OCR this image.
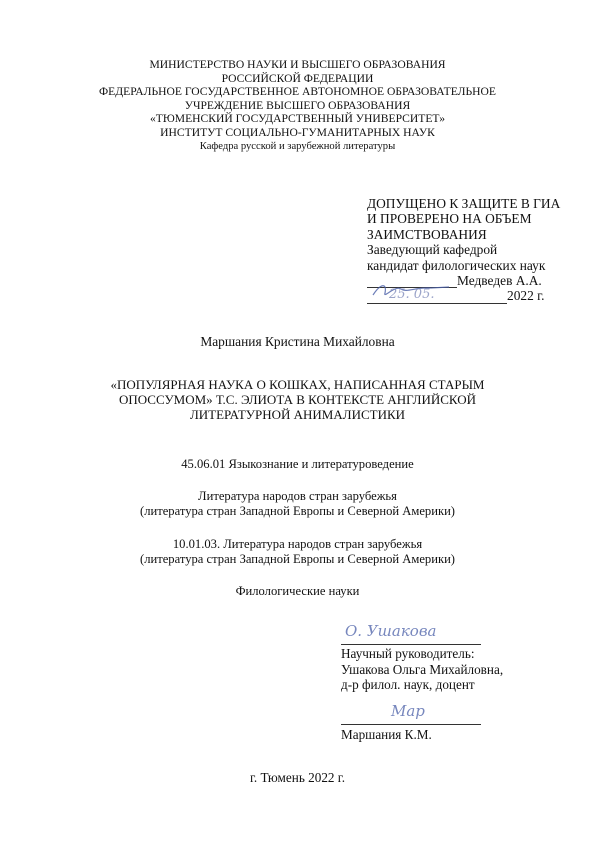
МИНИСТЕРСТВО НАУКИ И ВЫСШЕГО ОБРАЗОВАНИЯ
РОССИЙСКОЙ ФЕДЕРАЦИИ
ФЕДЕРАЛЬНОЕ ГОСУДАРСТВЕННОЕ АВТОНОМНОЕ ОБРАЗОВАТЕЛЬНОЕ
УЧРЕЖДЕНИЕ ВЫСШЕГО ОБРАЗОВАНИЯ
«ТЮМЕНСКИЙ ГОСУДАРСТВЕННЫЙ УНИВЕРСИТЕТ»
ИНСТИТУТ СОЦИАЛЬНО-ГУМАНИТАРНЫХ НАУК
Кафедра русской и зарубежной литературы
ДОПУЩЕНО К ЗАЩИТЕ В ГИА
И ПРОВЕРЕНО НА ОБЪЕМ
ЗАИМСТВОВАНИЯ
Заведующий кафедрой
кандидат филологических наук
Медведев А.А.
25. 05.	2022 г.
Маршания Кристина Михайловна
«ПОПУЛЯРНАЯ НАУКА О КОШКАХ, НАПИСАННАЯ СТАРЫМ
ОПОССУМОМ» Т.С. ЭЛИОТА В КОНТЕКСТЕ АНГЛИЙСКОЙ
ЛИТЕРАТУРНОЙ АНИМАЛИСТИКИ
45.06.01 Языкознание и литературоведение
Литература народов стран зарубежья
(литература стран Западной Европы и Северной Америки)
10.01.03. Литература народов стран зарубежья
(литература стран Западной Европы и Северной Америки)
Филологические науки
О. Ушакова
Научный руководитель:
Ушакова Ольга Михайловна,
д-р филол. наук, доцент
Мар
Маршания К.М.
г. Тюмень 2022 г.
